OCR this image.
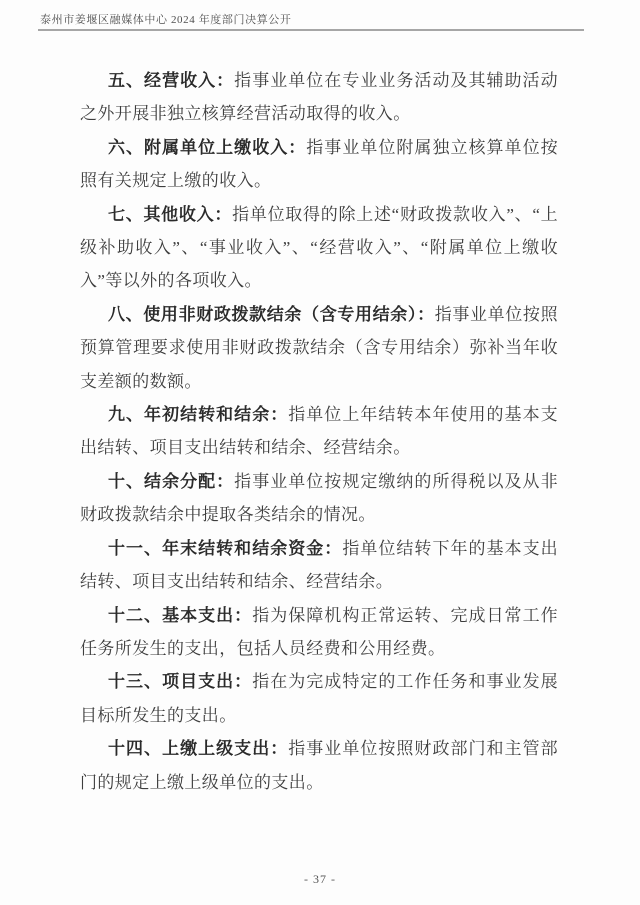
泰州市姜堰区融媒体中心 2024 年度部门决算公开

五、经营收入：指事业单位在专业业务活动及其辅助活动之外开展非独立核算经营活动取得的收入。

六、附属单位上缴收入：指事业单位附属独立核算单位按照有关规定上缴的收入。

七、其他收入：指单位取得的除上述“财政拨款收入”、“上级补助收入”、“事业收入”、“经营收入”、“附属单位上缴收入”等以外的各项收入。

八、使用非财政拨款结余（含专用结余）：指事业单位按照预算管理要求使用非财政拨款结余（含专用结余）弥补当年收支差额的数额。

九、年初结转和结余：指单位上年结转本年使用的基本支出结转、项目支出结转和结余、经营结余。

十、结余分配：指事业单位按规定缴纳的所得税以及从非财政拨款结余中提取各类结余的情况。

十一、年末结转和结余资金：指单位结转下年的基本支出结转、项目支出结转和结余、经营结余。

十二、基本支出：指为保障机构正常运转、完成日常工作任务所发生的支出，包括人员经费和公用经费。

十三、项目支出：指在为完成特定的工作任务和事业发展目标所发生的支出。

十四、上缴上级支出：指事业单位按照财政部门和主管部门的规定上缴上级单位的支出。

- 37 -
